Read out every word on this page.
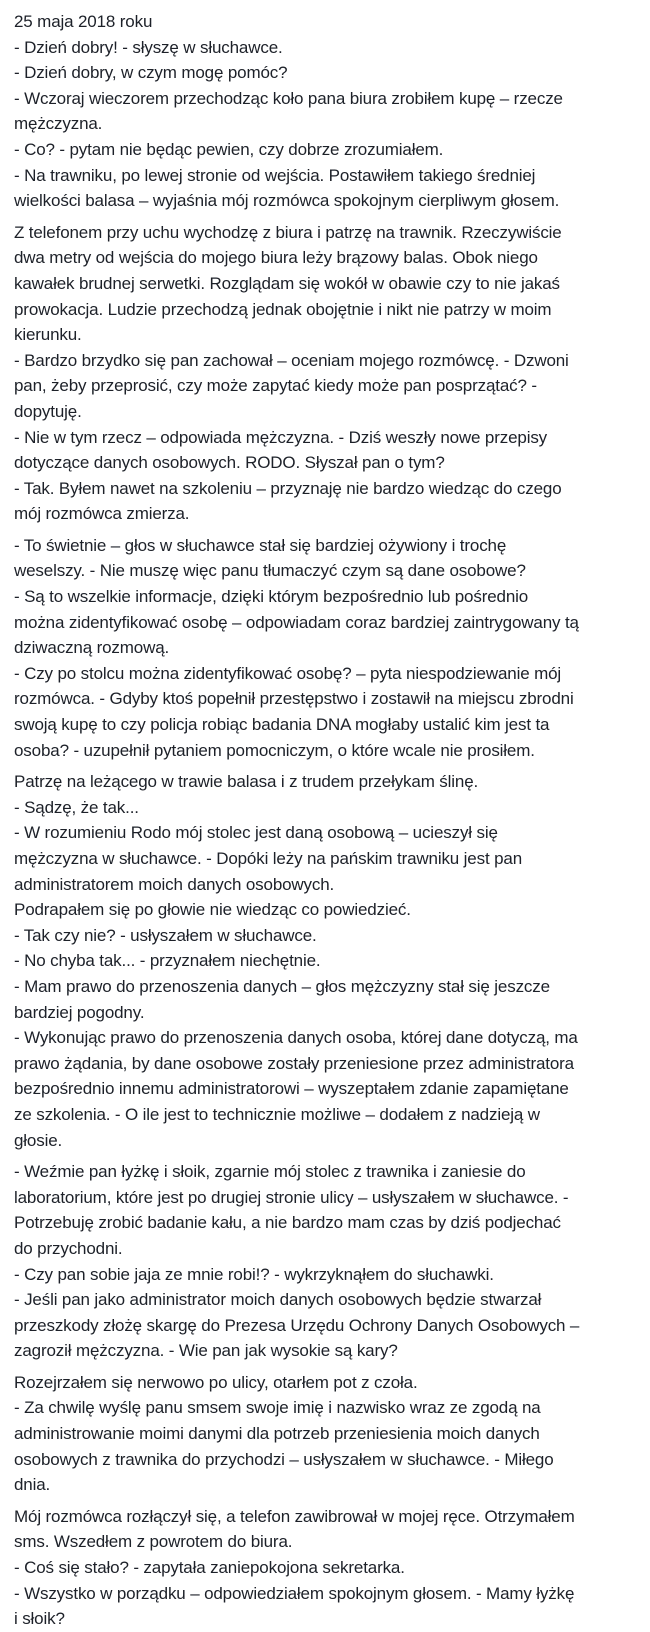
25 maja 2018 roku
- Dzień dobry! - słyszę w słuchawce.
- Dzień dobry, w czym mogę pomóc?
- Wczoraj wieczorem przechodząc koło pana biura zrobiłem kupę – rzecze
mężczyzna.
- Co? - pytam nie będąc pewien, czy dobrze zrozumiałem.
- Na trawniku, po lewej stronie od wejścia. Postawiłem takiego średniej
wielkości balasa – wyjaśnia mój rozmówca spokojnym cierpliwym głosem.
Z telefonem przy uchu wychodzę z biura i patrzę na trawnik. Rzeczywiście
dwa metry od wejścia do mojego biura leży brązowy balas. Obok niego
kawałek brudnej serwetki. Rozglądam się wokół w obawie czy to nie jakaś
prowokacja. Ludzie przechodzą jednak obojętnie i nikt nie patrzy w moim
kierunku.
- Bardzo brzydko się pan zachował – oceniam mojego rozmówcę. - Dzwoni
pan, żeby przeprosić, czy może zapytać kiedy może pan posprzątać? -
dopytuję.
- Nie w tym rzecz – odpowiada mężczyzna. - Dziś weszły nowe przepisy
dotyczące danych osobowych. RODO. Słyszał pan o tym?
- Tak. Byłem nawet na szkoleniu – przyznaję nie bardzo wiedząc do czego
mój rozmówca zmierza.
- To świetnie – głos w słuchawce stał się bardziej ożywiony i trochę
weselszy. - Nie muszę więc panu tłumaczyć czym są dane osobowe?
- Są to wszelkie informacje, dzięki którym bezpośrednio lub pośrednio
można zidentyfikować osobę – odpowiadam coraz bardziej zaintrygowany tą
dziwaczną rozmową.
- Czy po stolcu można zidentyfikować osobę? – pyta niespodziewanie mój
rozmówca. - Gdyby ktoś popełnił przestępstwo i zostawił na miejscu zbrodni
swoją kupę to czy policja robiąc badania DNA mogłaby ustalić kim jest ta
osoba? - uzupełnił pytaniem pomocniczym, o które wcale nie prosiłem.
Patrzę na leżącego w trawie balasa i z trudem przełykam ślinę.
- Sądzę, że tak...
- W rozumieniu Rodo mój stolec jest daną osobową – ucieszył się
mężczyzna w słuchawce. - Dopóki leży na pańskim trawniku jest pan
administratorem moich danych osobowych.
Podrapałem się po głowie nie wiedząc co powiedzieć.
- Tak czy nie? - usłyszałem w słuchawce.
- No chyba tak... - przyznałem niechętnie.
- Mam prawo do przenoszenia danych – głos mężczyzny stał się jeszcze
bardziej pogodny.
- Wykonując prawo do przenoszenia danych osoba, której dane dotyczą, ma
prawo żądania, by dane osobowe zostały przeniesione przez administratora
bezpośrednio innemu administratorowi – wyszeptałem zdanie zapamiętane
ze szkolenia. - O ile jest to technicznie możliwe – dodałem z nadzieją w
głosie.
- Weźmie pan łyżkę i słoik, zgarnie mój stolec z trawnika i zaniesie do
laboratorium, które jest po drugiej stronie ulicy – usłyszałem w słuchawce. -
Potrzebuję zrobić badanie kału, a nie bardzo mam czas by dziś podjechać
do przychodni.
- Czy pan sobie jaja ze mnie robi!? - wykrzyknąłem do słuchawki.
- Jeśli pan jako administrator moich danych osobowych będzie stwarzał
przeszkody złożę skargę do Prezesa Urzędu Ochrony Danych Osobowych –
zagroził mężczyzna. - Wie pan jak wysokie są kary?
Rozejrzałem się nerwowo po ulicy, otarłem pot z czoła.
- Za chwilę wyślę panu smsem swoje imię i nazwisko wraz ze zgodą na
administrowanie moimi danymi dla potrzeb przeniesienia moich danych
osobowych z trawnika do przychodzi – usłyszałem w słuchawce. - Miłego
dnia.
Mój rozmówca rozłączył się, a telefon zawibrował w mojej ręce. Otrzymałem
sms. Wszedłem z powrotem do biura.
- Coś się stało? - zapytała zaniepokojona sekretarka.
- Wszystko w porządku – odpowiedziałem spokojnym głosem. - Mamy łyżkę
i słoik?
